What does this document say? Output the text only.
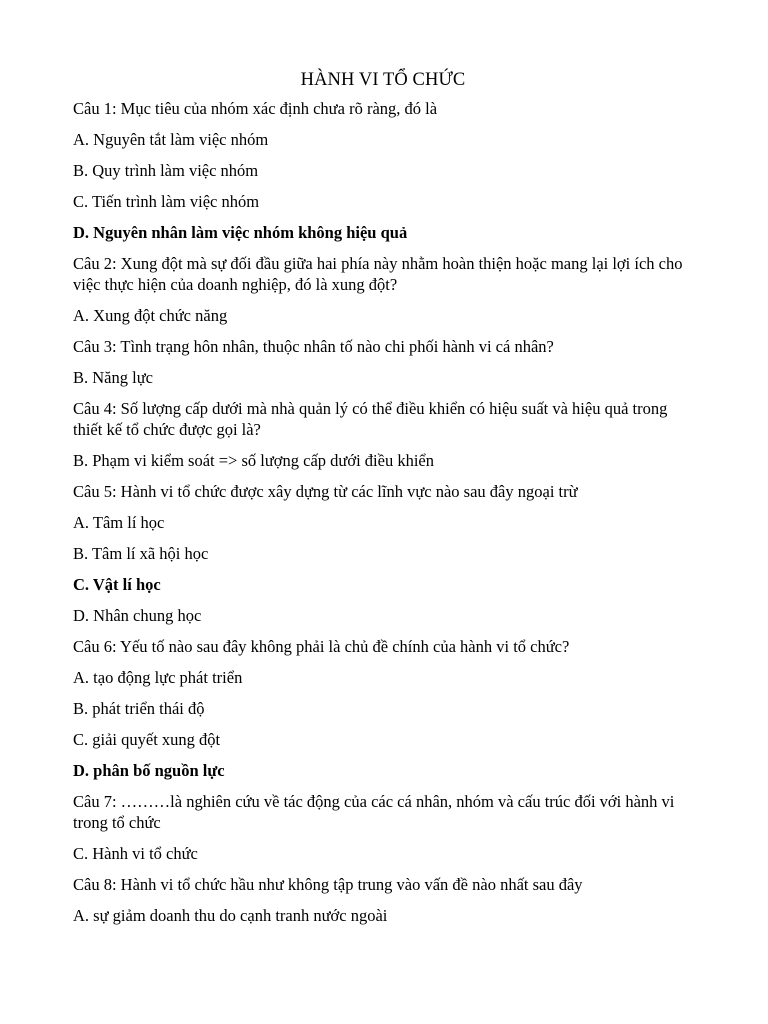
HÀNH VI TỔ CHỨC

Câu 1: Mục tiêu của nhóm xác định chưa rõ ràng, đó là

A. Nguyên tắt làm việc nhóm

B. Quy trình làm việc nhóm

C. Tiến trình làm việc nhóm

D. Nguyên nhân làm việc nhóm không hiệu quả

Câu 2: Xung đột mà sự đối đầu giữa hai phía này nhằm hoàn thiện hoặc mang lại lợi ích cho việc thực hiện của doanh nghiệp, đó là xung đột?

A. Xung đột chức năng

Câu 3: Tình trạng hôn nhân, thuộc nhân tố nào chi phối hành vi cá nhân?

B. Năng lực

Câu 4: Số lượng cấp dưới mà nhà quản lý có thể điều khiển có hiệu suất và hiệu quả trong thiết kế tổ chức được gọi là?

B. Phạm vi kiểm soát => số lượng cấp dưới điều khiển

Câu 5: Hành vi tổ chức được xây dựng từ các lĩnh vực nào sau đây ngoại trừ

A. Tâm lí học

B. Tâm lí xã hội học

C. Vật lí học

D. Nhân chung học

Câu 6: Yếu tố nào sau đây không phải là chủ đề chính của hành vi tổ chức?

A. tạo động lực phát triển

B. phát triển thái độ

C. giải quyết xung đột

D. phân bố nguồn lực

Câu 7: ………là nghiên cứu về tác động của các cá nhân, nhóm và cấu trúc đối với hành vi trong tổ chức

C. Hành vi tổ chức

Câu 8: Hành vi tổ chức hầu như không tập trung vào vấn đề nào nhất sau đây

A. sự giảm doanh thu do cạnh tranh nước ngoài
